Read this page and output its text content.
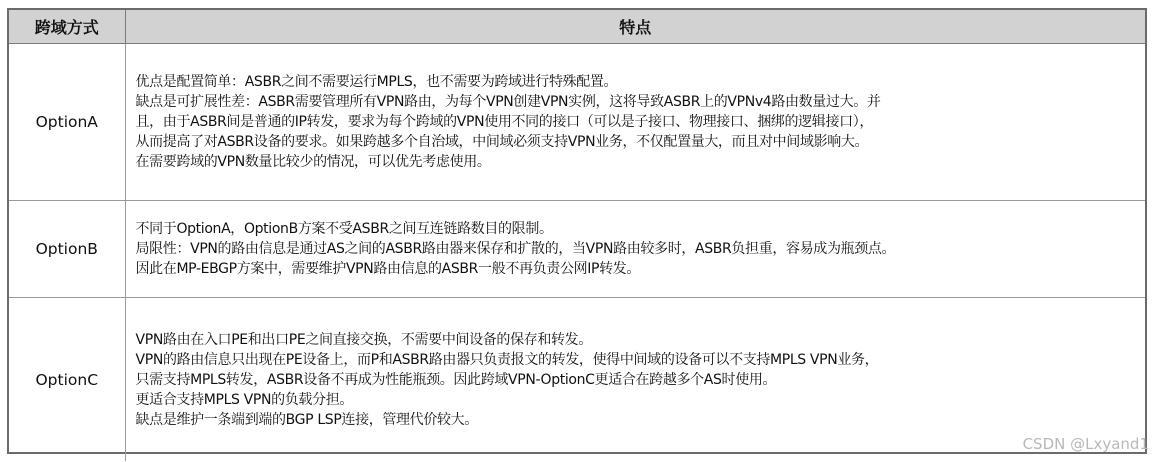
跨域方式	特点
OptionA	优点是配置简单：ASBR之间不需要运行MPLS，也不需要为跨域进行特殊配置。
缺点是可扩展性差：ASBR需要管理所有VPN路由，为每个VPN创建VPN实例，这将导致ASBR上的VPNv4路由数量过大。并
且，由于ASBR间是普通的IP转发，要求为每个跨域的VPN使用不同的接口（可以是子接口、物理接口、捆绑的逻辑接口），
从而提高了对ASBR设备的要求。如果跨越多个自治域，中间域必须支持VPN业务，不仅配置量大，而且对中间域影响大。
在需要跨域的VPN数量比较少的情况，可以优先考虑使用。

OptionB	不同于OptionA，OptionB方案不受ASBR之间互连链路数目的限制。
局限性：VPN的路由信息是通过AS之间的ASBR路由器来保存和扩散的，当VPN路由较多时，ASBR负担重，容易成为瓶颈点。
因此在MP-EBGP方案中，需要维护VPN路由信息的ASBR一般不再负责公网IP转发。

OptionC	VPN路由在入口PE和出口PE之间直接交换，不需要中间设备的保存和转发。
VPN的路由信息只出现在PE设备上，而P和ASBR路由器只负责报文的转发，使得中间域的设备可以不支持MPLS VPN业务，
只需支持MPLS转发，ASBR设备不再成为性能瓶颈。因此跨域VPN-OptionC更适合在跨越多个AS时使用。
更适合支持MPLS VPN的负载分担。
缺点是维护一条端到端的BGP LSP连接，管理代价较大。
CSDN @Lxyand1
